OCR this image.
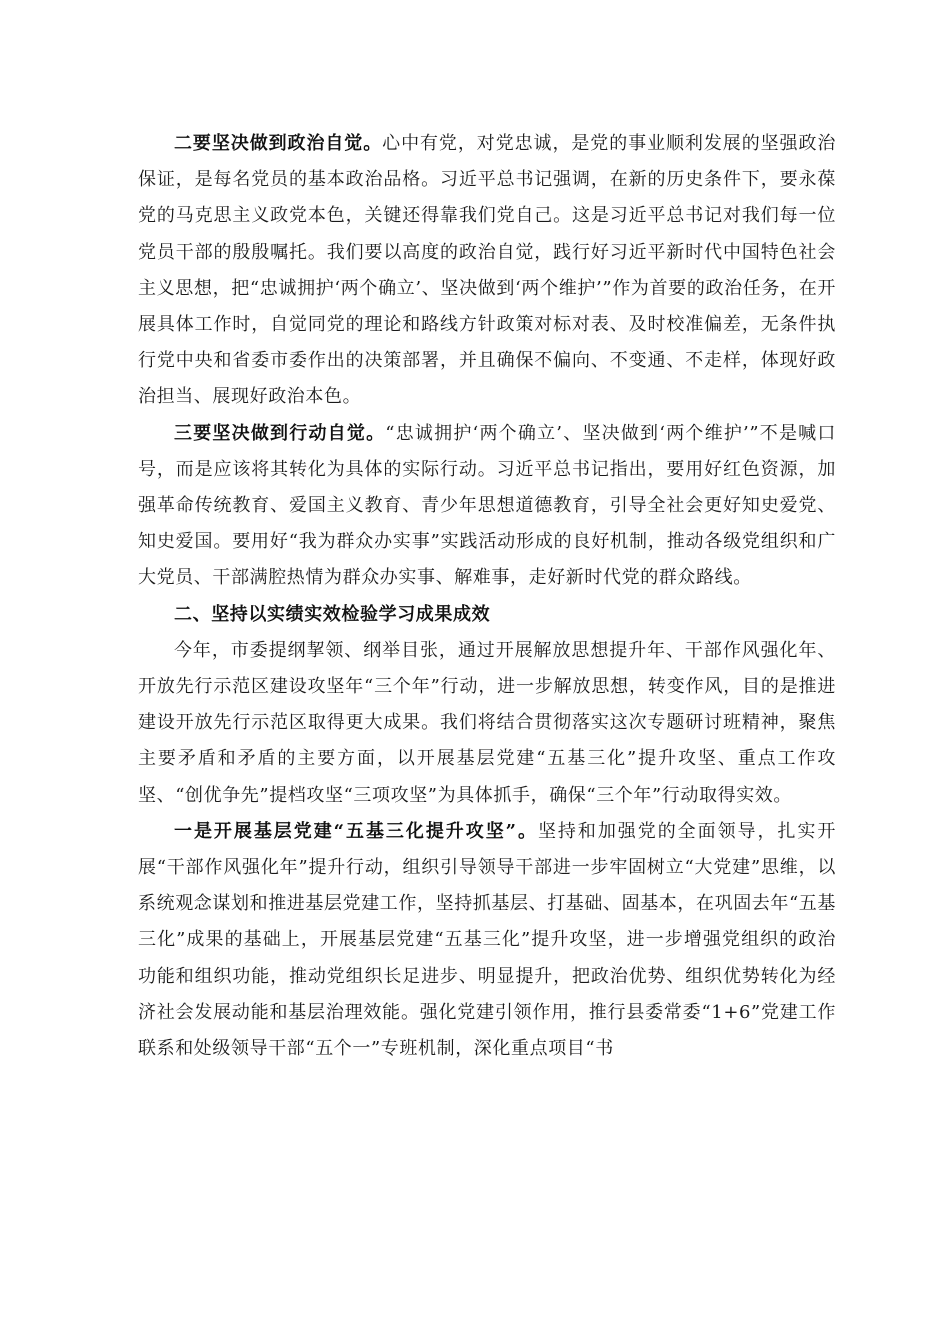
二要坚决做到政治自觉。心中有党，对党忠诚，是党的事业顺利发展的坚强政治保证，是每名党员的基本政治品格。习近平总书记强调，在新的历史条件下，要永葆党的马克思主义政党本色，关键还得靠我们党自己。这是习近平总书记对我们每一位党员干部的殷殷嘱托。我们要以高度的政治自觉，践行好习近平新时代中国特色社会主义思想，把“忠诚拥护‘两个确立’、坚决做到‘两个维护’”作为首要的政治任务，在开展具体工作时，自觉同党的理论和路线方针政策对标对表、及时校准偏差，无条件执行党中央和省委市委作出的决策部署，并且确保不偏向、不变通、不走样，体现好政治担当、展现好政治本色。

三要坚决做到行动自觉。“忠诚拥护‘两个确立’、坚决做到‘两个维护’”不是喊口号，而是应该将其转化为具体的实际行动。习近平总书记指出，要用好红色资源，加强革命传统教育、爱国主义教育、青少年思想道德教育，引导全社会更好知史爱党、知史爱国。要用好“我为群众办实事”实践活动形成的良好机制，推动各级党组织和广大党员、干部满腔热情为群众办实事、解难事，走好新时代党的群众路线。

二、坚持以实绩实效检验学习成果成效

今年，市委提纲挈领、纲举目张，通过开展解放思想提升年、干部作风强化年、开放先行示范区建设攻坚年“三个年”行动，进一步解放思想，转变作风，目的是推进建设开放先行示范区取得更大成果。我们将结合贯彻落实这次专题研讨班精神，聚焦主要矛盾和矛盾的主要方面，以开展基层党建“五基三化”提升攻坚、重点工作攻坚、“创优争先”提档攻坚“三项攻坚”为具体抓手，确保“三个年”行动取得实效。

一是开展基层党建“五基三化提升攻坚”。坚持和加强党的全面领导，扎实开展“干部作风强化年”提升行动，组织引导领导干部进一步牢固树立“大党建”思维，以系统观念谋划和推进基层党建工作，坚持抓基层、打基础、固基本，在巩固去年“五基三化”成果的基础上，开展基层党建“五基三化”提升攻坚，进一步增强党组织的政治功能和组织功能，推动党组织长足进步、明显提升，把政治优势、组织优势转化为经济社会发展动能和基层治理效能。强化党建引领作用，推行县委常委“1+6”党建工作联系和处级领导干部“五个一”专班机制，深化重点项目“书
